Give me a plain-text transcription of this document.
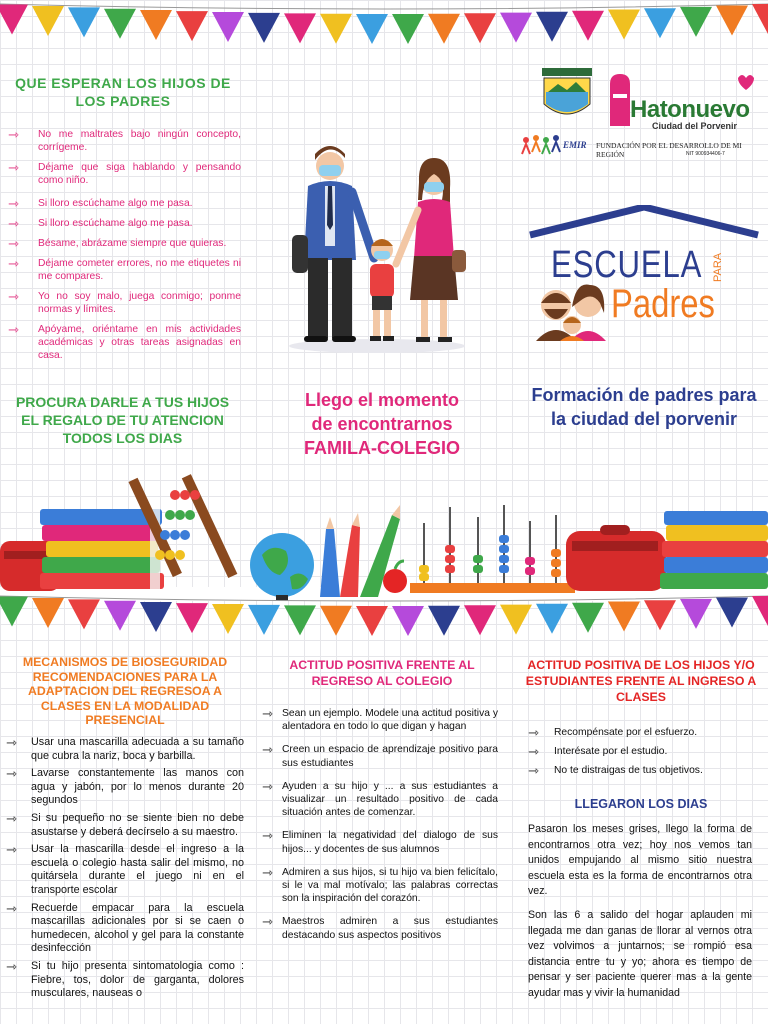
QUE ESPERAN LOS HIJOS DE LOS PADRES
⇾ No me maltrates bajo ningún concepto, corrígeme.
⇾ Déjame que siga hablando y pensando como niño.
⇾ Si lloro escúchame algo me pasa.
⇾ Si lloro escúchame algo me pasa.
⇾ Bésame, abrázame siempre que quieras.
⇾ Déjame cometer errores, no me etiquetes ni me compares.
⇾ Yo no soy malo, juega conmigo; ponme normas y límites.
⇾ Apóyame, oriéntame en mis actividades académicas y otras tareas asignadas en casa.
PROCURA DARLE A TUS HIJOS EL REGALO DE TU ATENCION TODOS LOS DIAS
Llego el momento
de encontrarnos
FAMILA-COLEGIO
Hatonuevo
Ciudad del Porvenir
EMIR FUNDACIÓN POR EL DESARROLLO DE MI REGIÓN	NIT 900934406-7
ESCUELA PARA
Padres
Formación de padres para la ciudad del porvenir
MECANISMOS DE BIOSEGURIDAD RECOMENDACIONES PARA LA ADAPTACION DEL REGRESOA A CLASES EN LA MODALIDAD PRESENCIAL
⇾ Usar una mascarilla adecuada a su tamaño que cubra la nariz, boca y barbilla.
⇾ Lavarse constantemente las manos con agua y jabón, por lo menos durante 20 segundos
⇾ Si su pequeño no se siente bien no debe asustarse y deberá decírselo a su maestro.
⇾ Usar la mascarilla desde el ingreso a la escuela o colegio hasta salir del mismo, no quitársela durante el juego ni en el transporte escolar
⇾ Recuerde empacar para la escuela mascarillas adicionales por si se caen o humedecen, alcohol y gel para la constante desinfección
⇾ Si tu hijo presenta sintomatologia como : Fiebre, tos, dolor de garganta, dolores musculares, nauseas o
ACTITUD POSITIVA FRENTE AL REGRESO AL COLEGIO
⇾ Sean un ejemplo. Modele una actitud positiva y alentadora en todo lo que digan y hagan
⇾ Creen un espacio de aprendizaje positivo para sus estudiantes
⇾ Ayuden a su hijo y ... a sus estudiantes a visualizar un resultado positivo de cada situación antes de comenzar.
⇾ Eliminen la negatividad del dialogo de sus hijos... y docentes de sus alumnos
⇾ Admiren a sus hijos, si tu hijo va bien felicítalo, si le va mal motívalo; las palabras correctas son la inspiración del corazón.
⇾ Maestros admiren a sus estudiantes destacando sus aspectos positivos
ACTITUD POSITIVA DE LOS HIJOS Y/O ESTUDIANTES FRENTE AL INGRESO A CLASES
⇾ Recompénsate por el esfuerzo.
⇾ Interésate por el estudio.
⇾ No te distraigas de tus objetivos.
LLEGARON LOS DIAS
Pasaron los meses grises, llego la forma de encontrarnos otra vez; hoy nos vemos tan unidos empujando al mismo sitio nuestra escuela esta es la forma de encontrarnos otra vez.
Son las 6 a salido del hogar aplauden mi llegada me dan ganas de llorar al vernos otra vez volvimos a juntarnos; se rompió esa distancia entre tu y yo; ahora es tiempo de pensar y ser paciente querer mas a la gente ayudar mas y vivir la humanidad
